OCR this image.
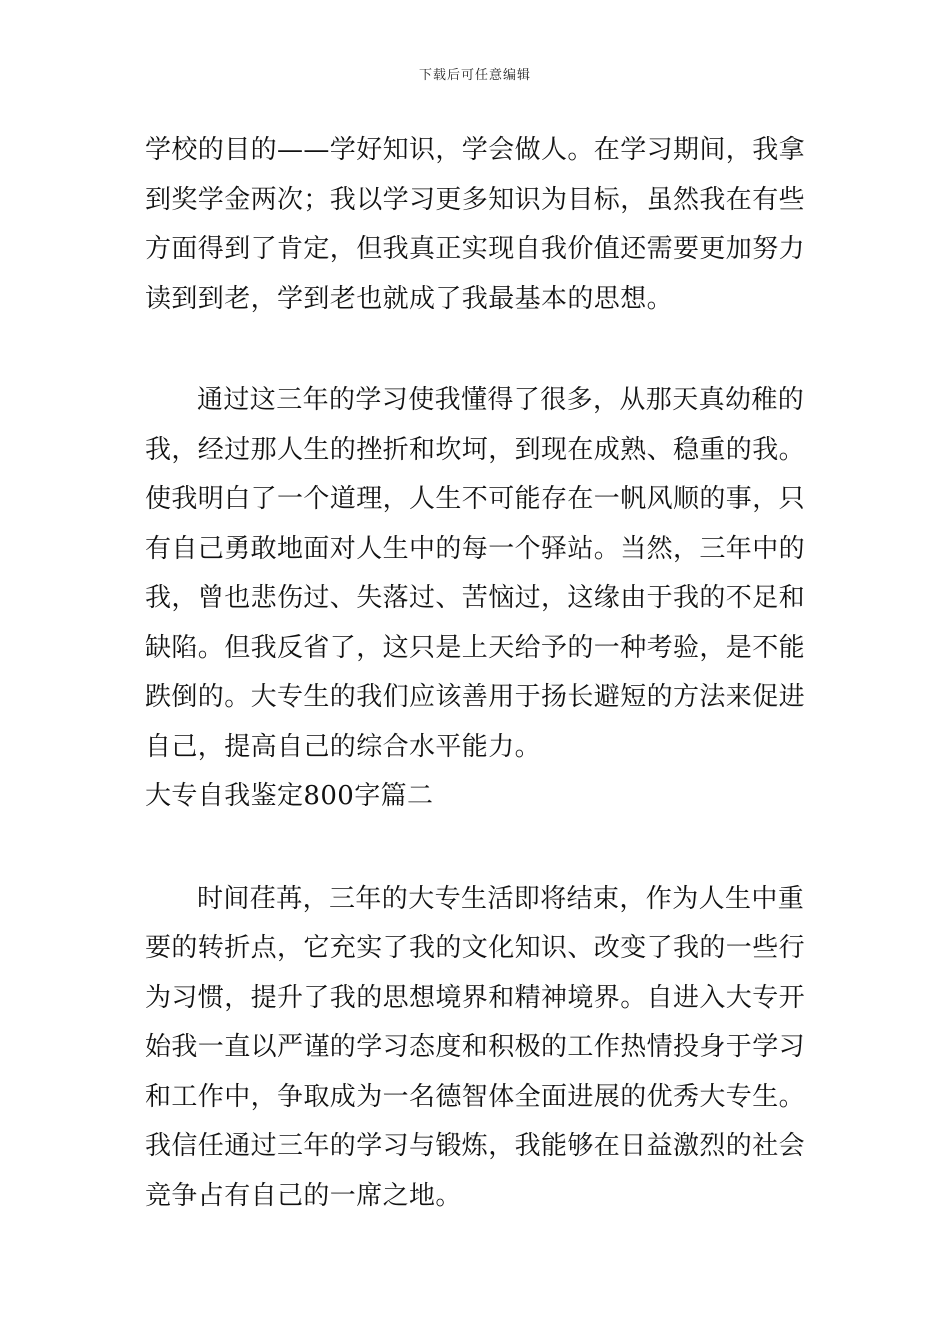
下载后可任意编辑
学校的目的——学好知识，学会做人。在学习期间，我拿
到奖学金两次；我以学习更多知识为目标，虽然我在有些
方面得到了肯定，但我真正实现自我价值还需要更加努力
读到到老，学到老也就成了我最基本的思想。
通过这三年的学习使我懂得了很多，从那天真幼稚的
我，经过那人生的挫折和坎坷，到现在成熟、稳重的我。
使我明白了一个道理，人生不可能存在一帆风顺的事，只
有自己勇敢地面对人生中的每一个驿站。当然，三年中的
我，曾也悲伤过、失落过、苦恼过，这缘由于我的不足和
缺陷。但我反省了，这只是上天给予的一种考验，是不能
跌倒的。大专生的我们应该善用于扬长避短的方法来促进
自己，提高自己的综合水平能力。
大专自我鉴定800字篇二
时间荏苒，三年的大专生活即将结束，作为人生中重
要的转折点，它充实了我的文化知识、改变了我的一些行
为习惯，提升了我的思想境界和精神境界。自进入大专开
始我一直以严谨的学习态度和积极的工作热情投身于学习
和工作中，争取成为一名德智体全面进展的优秀大专生。
我信任通过三年的学习与锻炼，我能够在日益激烈的社会
竞争占有自己的一席之地。
